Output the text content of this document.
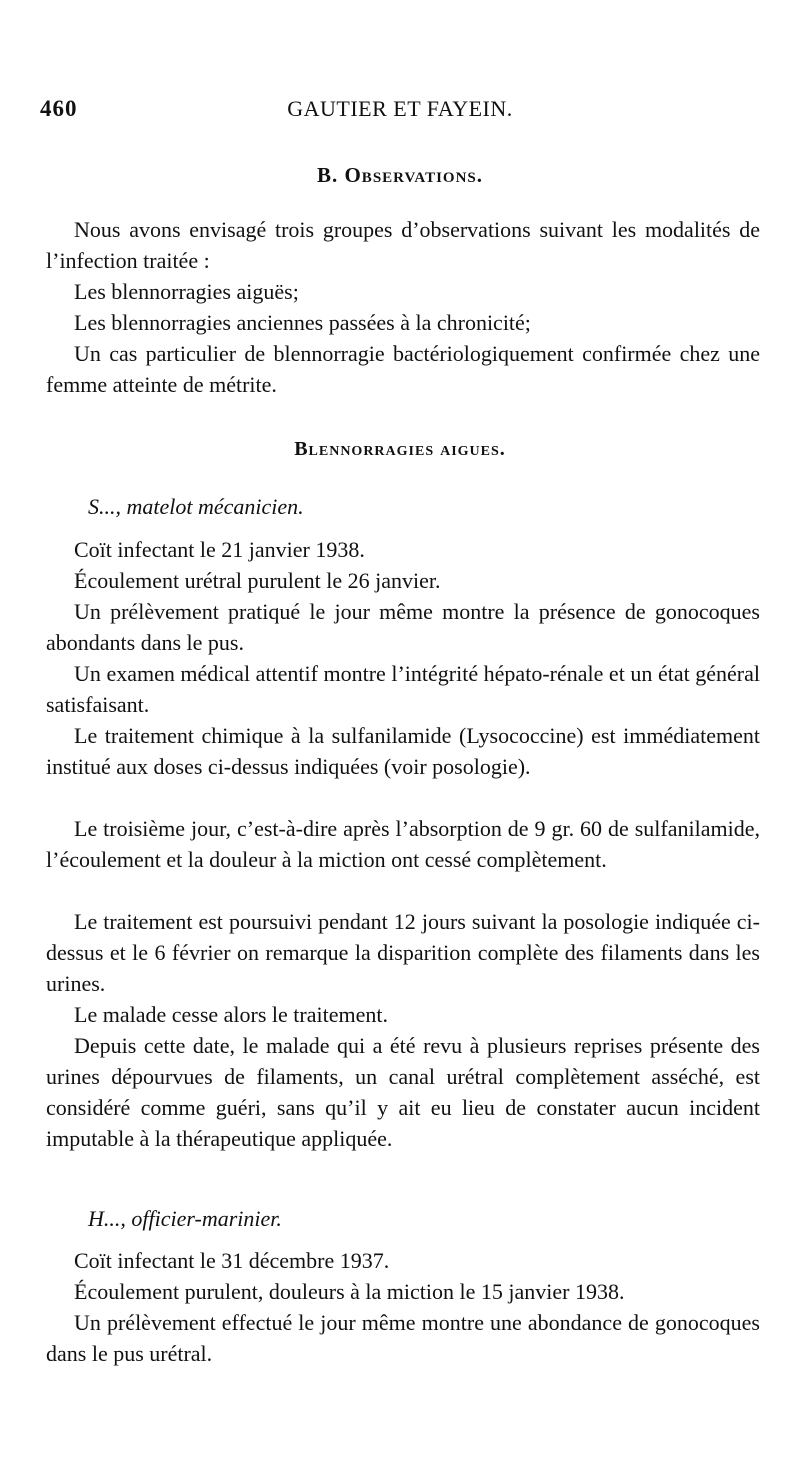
460	GAUTIER ET FAYEIN.
B. Observations.

Nous avons envisagé trois groupes d’observations suivant les modalités de l’infection traitée :

Les blennorragies aiguës;

Les blennorragies anciennes passées à la chronicité;

Un cas particulier de blennorragie bactériologiquement confirmée chez une femme atteinte de métrite.

Blennorragies aigues.
S..., matelot mécanicien.

Coït infectant le 21 janvier 1938.

Écoulement urétral purulent le 26 janvier.

Un prélèvement pratiqué le jour même montre la présence de gonocoques abondants dans le pus.

Un examen médical attentif montre l’intégrité hépato-rénale et un état général satisfaisant.

Le traitement chimique à la sulfanilamide (Lysococcine) est immédiatement institué aux doses ci-dessus indiquées (voir posologie).

Le troisième jour, c’est-à-dire après l’absorption de 9 gr. 60 de sulfanilamide, l’écoulement et la douleur à la miction ont cessé complètement.

Le traitement est poursuivi pendant 12 jours suivant la posologie indiquée ci-dessus et le 6 février on remarque la disparition complète des filaments dans les urines.

Le malade cesse alors le traitement.

Depuis cette date, le malade qui a été revu à plusieurs reprises présente des urines dépourvues de filaments, un canal urétral complètement asséché, est considéré comme guéri, sans qu’il y ait eu lieu de constater aucun incident imputable à la thérapeutique appliquée.

H..., officier-marinier.

Coït infectant le 31 décembre 1937.

Écoulement purulent, douleurs à la miction le 15 janvier 1938.

Un prélèvement effectué le jour même montre une abondance de gonocoques dans le pus urétral.
